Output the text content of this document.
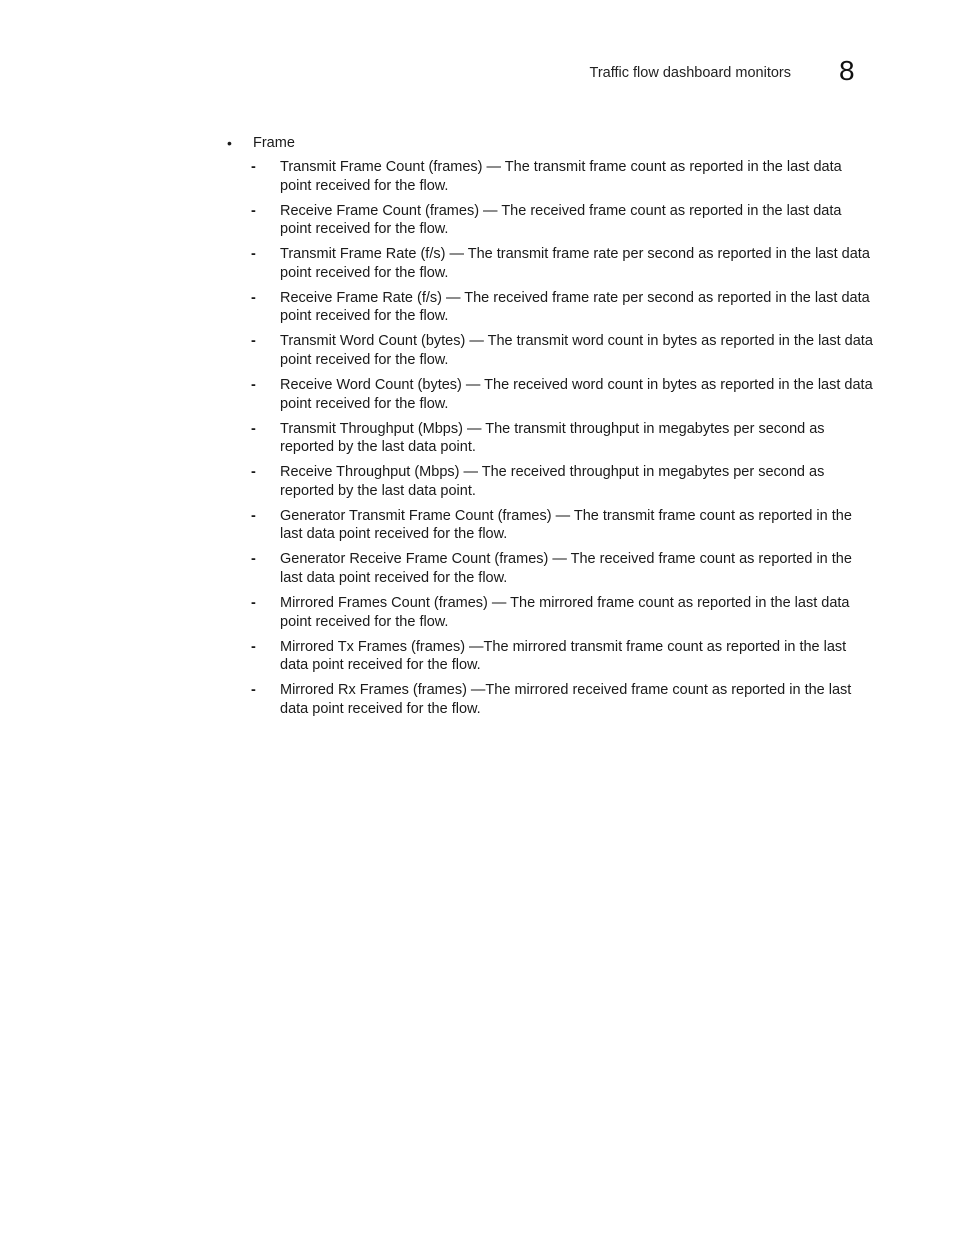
Traffic flow dashboard monitors 8
• Frame
- Transmit Frame Count (frames) — The transmit frame count as reported in the last data point received for the flow.
- Receive Frame Count (frames) — The received frame count as reported in the last data point received for the flow.
- Transmit Frame Rate (f/s) — The transmit frame rate per second as reported in the last data point received for the flow.
- Receive Frame Rate (f/s) — The received frame rate per second as reported in the last data point received for the flow.
- Transmit Word Count (bytes) — The transmit word count in bytes as reported in the last data point received for the flow.
- Receive Word Count (bytes) — The received word count in bytes as reported in the last data point received for the flow.
- Transmit Throughput (Mbps) — The transmit throughput in megabytes per second as reported by the last data point.
- Receive Throughput (Mbps) — The received throughput in megabytes per second as reported by the last data point.
- Generator Transmit Frame Count (frames) — The transmit frame count as reported in the last data point received for the flow.
- Generator Receive Frame Count (frames) — The received frame count as reported in the last data point received for the flow.
- Mirrored Frames Count (frames) — The mirrored frame count as reported in the last data point received for the flow.
- Mirrored Tx Frames (frames) —The mirrored transmit frame count as reported in the last data point received for the flow.
- Mirrored Rx Frames (frames) —The mirrored received frame count as reported in the last data point received for the flow.
